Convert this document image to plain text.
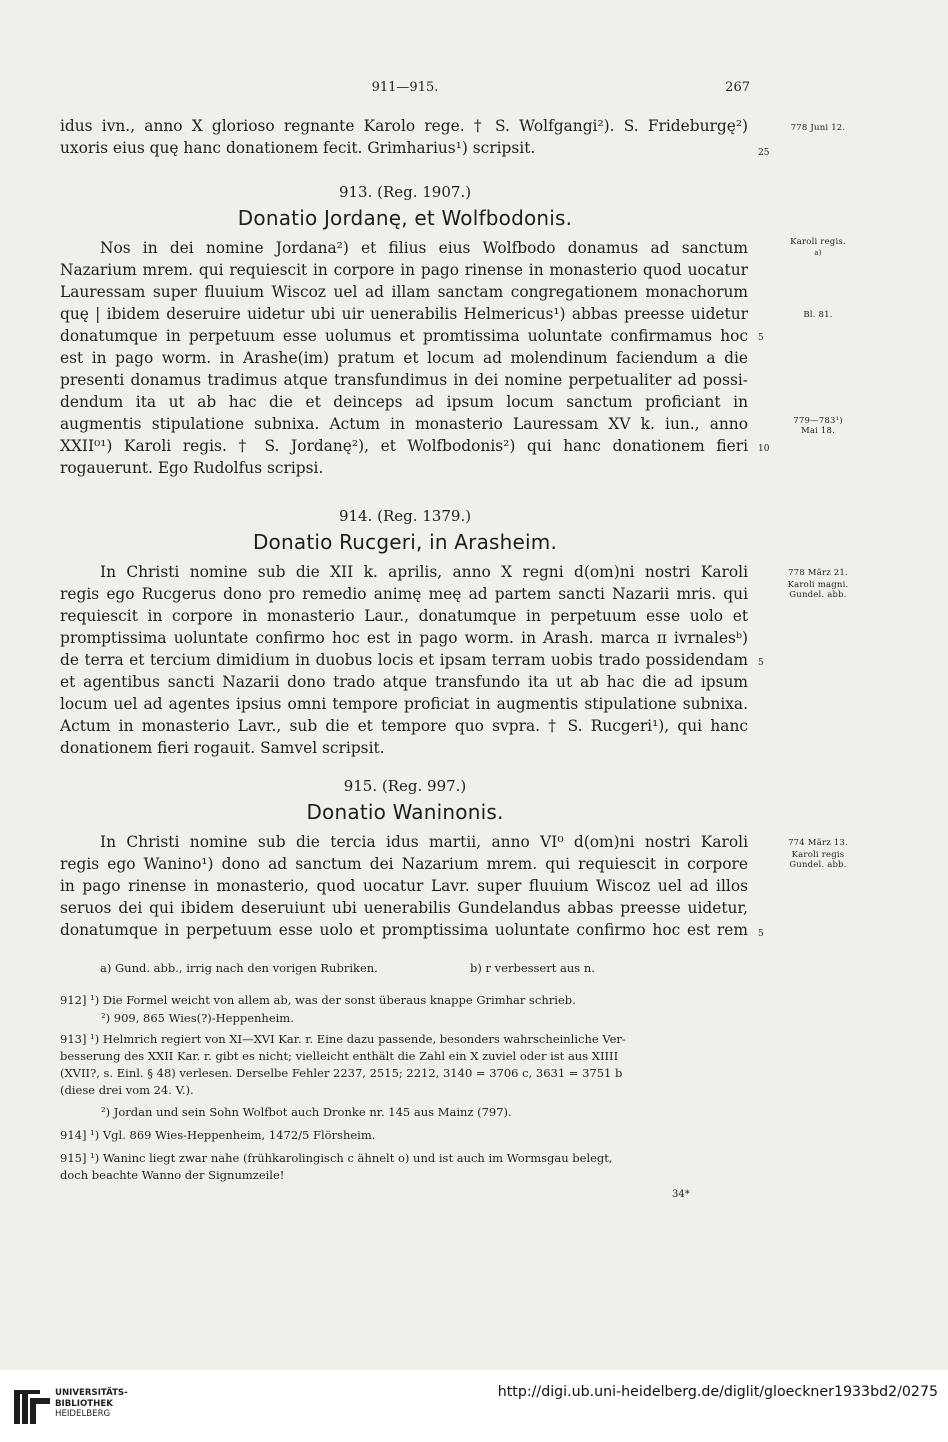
911—915.	267
idus ivn., anno X glorioso regnante Karolo rege. † S. Wolfgangi²). S. Frideburgę²)
uxoris eius quę hanc donationem fecit. Grimharius¹) scripsit.
778 Juni 12.
25
913. (Reg. 1907.)
Donatio Jordanę, et Wolfbodonis.
Nos in dei nomine Jordana²) et filius eius Wolfbodo donamus ad sanctum
Nazarium mrem. qui requiescit in corpore in pago rinense in monasterio quod uocatur
Lauressam super fluuium Wiscoz uel ad illam sanctam congregationem monachorum
quę | ibidem deseruire uidetur ubi uir uenerabilis Helmericus¹) abbas preesse uidetur
donatumque in perpetuum esse uolumus et promtissima uoluntate confirmamus hoc
est in pago worm. in Arashe(im) pratum et locum ad molendinum faciendum a die
presenti donamus tradimus atque transfundimus in dei nomine perpetualiter ad possi-
dendum ita ut ab hac die et deinceps ad ipsum locum sanctum proficiant in
augmentis stipulatione subnixa. Actum in monasterio Lauressam XV k. iun., anno
XXII⁰¹) Karoli regis. † S. Jordanę²), et Wolfbodonis²) qui hanc donationem fieri
rogauerunt. Ego Rudolfus scripsi.
Karoli regis.
a)
Bl. 81.
5
779—783¹)
Mai 18.
10
914. (Reg. 1379.)
Donatio Rucgeri, in Arasheim.
In Christi nomine sub die XII k. aprilis, anno X regni d(om)ni nostri Karoli
regis ego Rucgerus dono pro remedio animę meę ad partem sancti Nazarii mris. qui
requiescit in corpore in monasterio Laur., donatumque in perpetuum esse uolo et
promptissima uoluntate confirmo hoc est in pago worm. in Arash. marca ɪɪ ivrnalesᵇ)
de terra et tercium dimidium in duobus locis et ipsam terram uobis trado possidendam
et agentibus sancti Nazarii dono trado atque transfundo ita ut ab hac die ad ipsum
locum uel ad agentes ipsius omni tempore proficiat in augmentis stipulatione subnixa.
Actum in monasterio Lavr., sub die et tempore quo svpra. † S. Rucgeri¹), qui hanc
donationem fieri rogauit. Samvel scripsit.
778 März 21.
Karoli magni.
Gundel. abb.
5
915. (Reg. 997.)
Donatio Waninonis.
In Christi nomine sub die tercia idus martii, anno VI⁰ d(om)ni nostri Karoli
regis ego Wanino¹) dono ad sanctum dei Nazarium mrem. qui requiescit in corpore
in pago rinense in monasterio, quod uocatur Lavr. super fluuium Wiscoz uel ad illos
seruos dei qui ibidem deseruiunt ubi uenerabilis Gundelandus abbas preesse uidetur,
donatumque in perpetuum esse uolo et promptissima uoluntate confirmo hoc est rem
774 März 13.
Karoli regis
Gundel. abb.
5
a) Gund. abb., irrig nach den vorigen Rubriken.	b) r verbessert aus n.
912] ¹) Die Formel weicht von allem ab, was der sonst überaus knappe Grimhar schrieb.
²) 909, 865 Wies(?)-Heppenheim.
913] ¹) Helmrich regiert von XI—XVI Kar. r. Eine dazu passende, besonders wahrscheinliche Ver-
besserung des XXII Kar. r. gibt es nicht; vielleicht enthält die Zahl ein X zuviel oder ist aus XIIII
(XVII?, s. Einl. § 48) verlesen. Derselbe Fehler 2237, 2515; 2212, 3140 = 3706 c, 3631 = 3751 b
(diese drei vom 24. V.).
²) Jordan und sein Sohn Wolfbot auch Dronke nr. 145 aus Mainz (797).
914] ¹) Vgl. 869 Wies-Heppenheim, 1472/5 Flörsheim.
915] ¹) Waninc liegt zwar nahe (frühkarolingisch c ähnelt o) und ist auch im Wormsgau belegt,
doch beachte Wanno der Signumzeile!
34*
UNIVERSITÄTS-
BIBLIOTHEK
HEIDELBERG
http://digi.ub.uni-heidelberg.de/diglit/gloeckner1933bd2/0275
